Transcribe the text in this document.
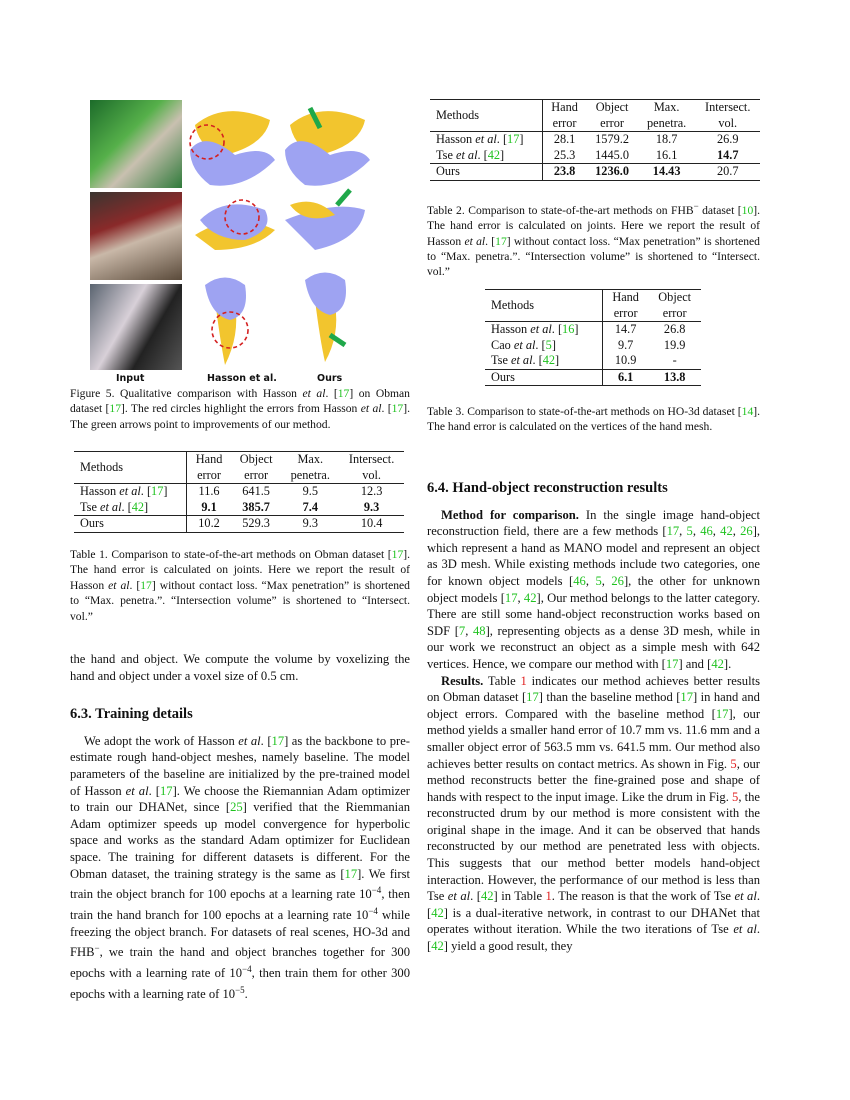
Input	Hasson et al.	Ours
Figure 5. Qualitative comparison with Hasson et al. [17] on Obman dataset [17]. The red circles highlight the errors from Hasson et al. [17]. The green arrows point to improvements of our method.
Methods	Hand	Object	Max.	Intersect.
	error	error	penetra.	vol.
Hasson et al. [17]	11.6	641.5	9.5	12.3
Tse et al. [42]	9.1	385.7	7.4	9.3
Ours	10.2	529.3	9.3	10.4
Table 1. Comparison to state-of-the-art methods on Obman dataset [17]. The hand error is calculated on joints. Here we report the result of Hasson et al. [17] without contact loss. “Max penetration” is shortened to “Max. penetra.”. “Intersection volume” is shortened to “Intersect. vol.”

the hand and object. We compute the volume by voxelizing the hand and object under a voxel size of 0.5 cm.

6.3. Training details

We adopt the work of Hasson et al. [17] as the backbone to pre-estimate rough hand-object meshes, namely baseline. The model parameters of the baseline are initialized by the pre-trained model of Hasson et al. [17]. We choose the Riemannian Adam optimizer to train our DHANet, since [25] verified that the Riemmanian Adam optimizer speeds up model convergence for hyperbolic space and works as the standard Adam optimizer for Euclidean space. The training for different datasets is different. For the Obman dataset, the training strategy is the same as [17]. We first train the object branch for 100 epochs at a learning rate $10^{-4}$, then train the hand branch for 100 epochs at a learning rate $10^{-4}$ while freezing the object branch. For datasets of real scenes, HO-3d and FHB−, we train the hand and object branches together for 300 epochs with a learning rate of $10^{-4}$, then train them for other 300 epochs with a learning rate of $10^{-5}$.

Methods	Hand	Object	Max.	Intersect.
	error	error	penetra.	vol.
Hasson et al. [17]	28.1	1579.2	18.7	26.9
Tse et al. [42]	25.3	1445.0	16.1	14.7
Ours	23.8	1236.0	14.43	20.7
Table 2. Comparison to state-of-the-art methods on FHB− dataset [10]. The hand error is calculated on joints. Here we report the result of Hasson et al. [17] without contact loss. “Max penetration” is shortened to “Max. penetra.”. “Intersection volume” is shortened to “Intersect. vol.”
Methods	Hand	Object
	error	error
Hasson et al. [16]	14.7	26.8
Cao et al. [5]	9.7	19.9
Tse et al. [42]	10.9	-
Ours	6.1	13.8
Table 3. Comparison to state-of-the-art methods on HO-3d dataset [14]. The hand error is calculated on the vertices of the hand mesh.
6.4. Hand-object reconstruction results

Method for comparison. In the single image hand-object reconstruction field, there are a few methods [17, 5, 46, 42, 26], which represent a hand as MANO model and represent an object as 3D mesh. While existing methods include two categories, one for known object models [46, 5, 26], the other for unknown object models [17, 42], Our method belongs to the latter category. There are still some hand-object reconstruction works based on SDF [7, 48], representing objects as a dense 3D mesh, while in our work we reconstruct an object as a simple mesh with 642 vertices. Hence, we compare our method with [17] and [42].

Results. Table 1 indicates our method achieves better results on Obman dataset [17] than the baseline method [17] in hand and object errors. Compared with the baseline method [17], our method yields a smaller hand error of 10.7 mm vs. 11.6 mm and a smaller object error of 563.5 mm vs. 641.5 mm. Our method also achieves better results on contact metrics. As shown in Fig. 5, our method reconstructs better the fine-grained pose and shape of hands with respect to the input image. Like the drum in Fig. 5, the reconstructed drum by our method is more consistent with the original shape in the image. And it can be observed that hands reconstructed by our method are penetrated less with objects. This suggests that our method better models hand-object interaction. However, the performance of our method is less than Tse et al. [42] in Table 1. The reason is that the work of Tse et al. [42] is a dual-iterative network, in contrast to our DHANet that operates without iteration. While the two iterations of Tse et al. [42] yield a good result, they
